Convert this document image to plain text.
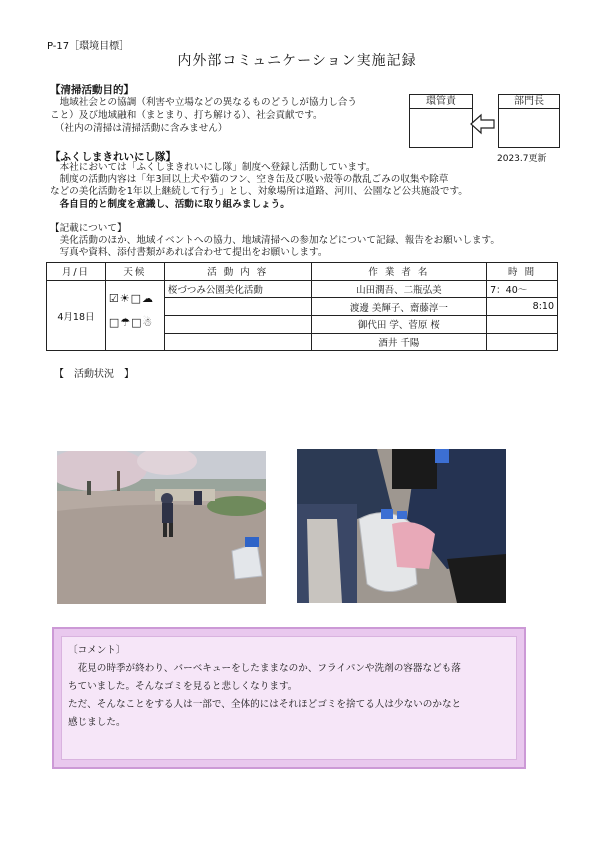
P-17［環境目標］
内外部コミュニケーション実施記録
【清掃活動目的】
　地域社会との協調（利害や立場などの異なるものどうしが協力し合う
こと）及び地域融和（まとまり、打ち解ける）、社会貢献です。
　（社内の清掃は清掃活動に含みません）
環管責	部門長
2023.7更新
【ふくしまきれいにし隊】
　本社においては「ふくしまきれいにし隊」制度へ登録し活動しています。
　制度の活動内容は「年3回以上犬や猫のフン、空き缶及び吸い殻等の散乱ごみの収集や除草
などの美化活動を1年以上継続して行う」とし、対象場所は道路、河川、公園など公共施設です。
　各自目的と制度を意識し、活動に取り組みましょう。
【記載について】
　美化活動のほか、地域イベントへの協力、地域清掃への参加などについて記録、報告をお願いします。
　写真や資料、添付書類があれば合わせて提出をお願いします。
月/日	天候	活 動 内 容	作 業 者 名	時 間
4月18日	☑☀□☁	桜づつみ公園美化活動	山田潤吾、二瓶弘美	7：40〜
			渡邊 美輝子、齋藤淳一	8:10
	□☂□☃		御代田 学、菅原 桜	
			酒井 千陽	
【　活動状況　】
〔コメント〕
　花見の時季が終わり、バーベキューをしたままなのか、フライパンや洗剤の容器なども落
ちていました。そんなゴミを見ると悲しくなります。
ただ、そんなことをする人は一部で、全体的にはそれほどゴミを捨てる人は少ないのかなと
感じました。
